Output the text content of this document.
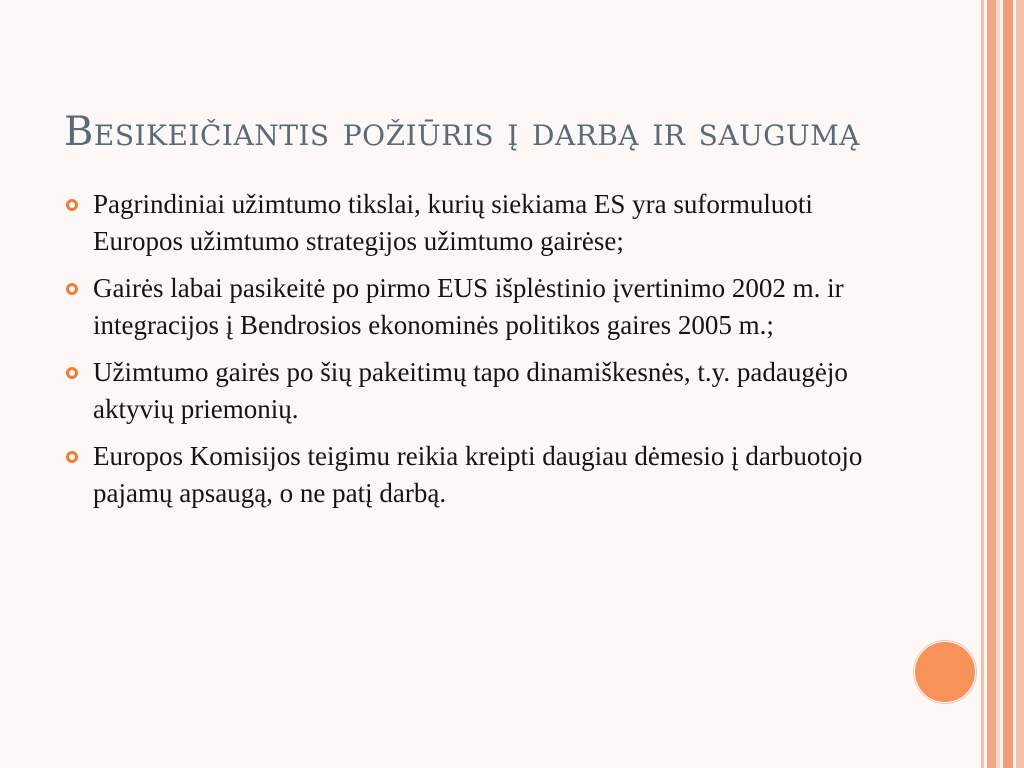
Besikeičiantis požiūris į darbą ir saugumą
Pagrindiniai užimtumo tikslai, kurių siekiama ES yra suformuluoti Europos užimtumo strategijos užimtumo gairėse;
Gairės labai pasikeitė po pirmo EUS išplėstinio įvertinimo 2002 m. ir integracijos į Bendrosios ekonominės politikos gaires 2005 m.;
Užimtumo gairės po šių pakeitimų tapo dinamiškesnės, t.y. padaugėjo aktyvių priemonių.
Europos Komisijos teigimu reikia kreipti daugiau dėmesio į darbuotojo pajamų apsaugą, o ne patį darbą.
